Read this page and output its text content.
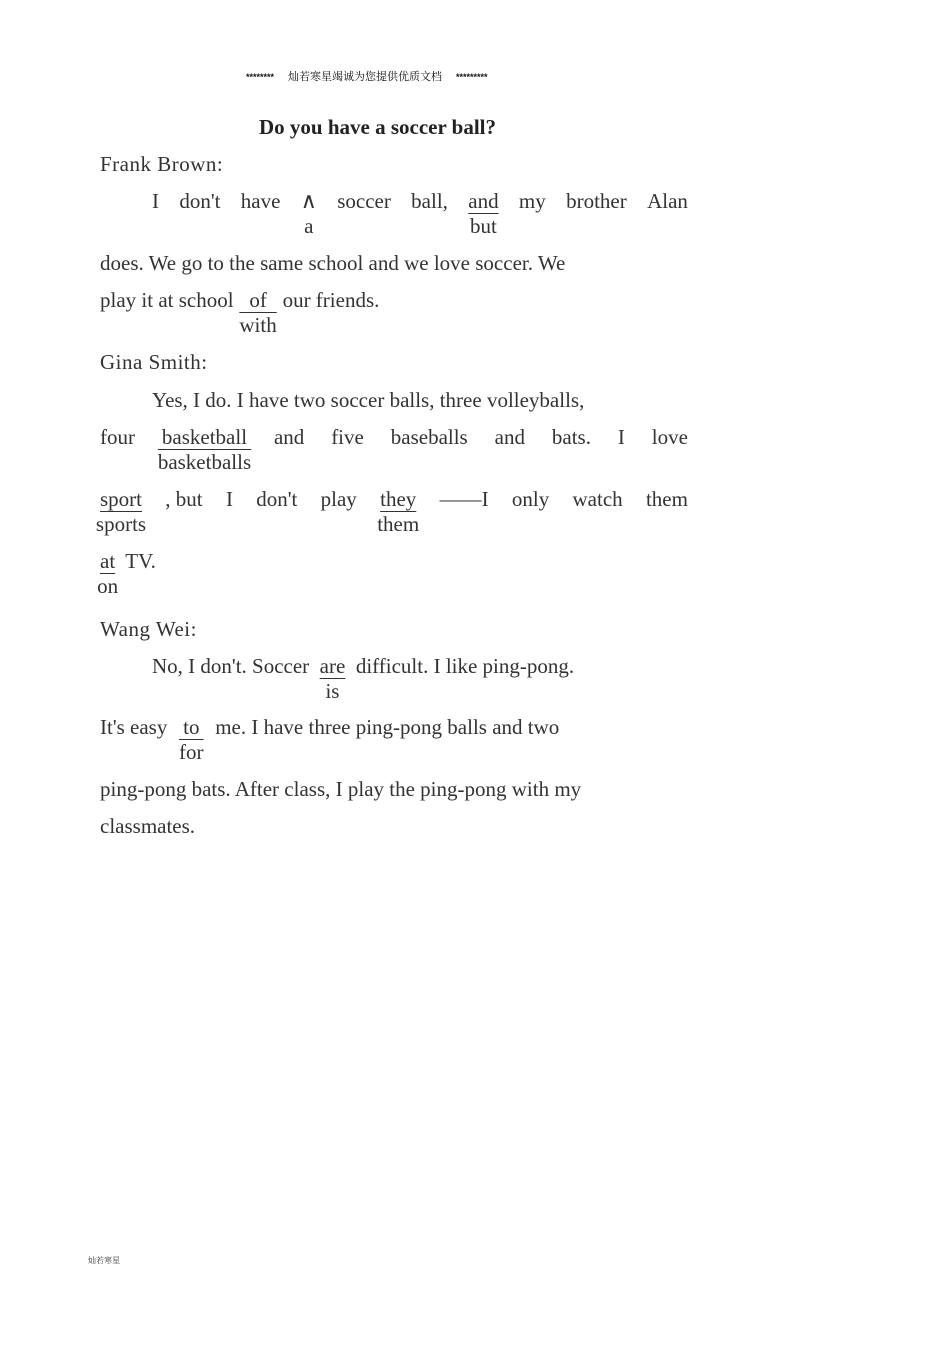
******** 灿若寒星竭诚为您提供优质文档 *********
Do you have a soccer ball?
Frank Brown:
I don't have ∧
a
soccer ball, and
$\overline{but}$
my brother Alan
does. We go to the same school and we love soccer. We
play it at school of
with
our friends.
Gina Smith:
Yes, I do. I have two soccer balls, three volleyballs,
four basketball
basketballs
and five baseballs and bats. I love
sport
sports
, but I don't play they
them
——I only watch them
$\frac{at}{on}$ TV.
Wang Wei:
No, I don't. Soccer are
$\overline{is}$
difficult. I like ping-pong.
It's easy to
$\overline{for}$
me. I have three ping-pong balls and two
ping-pong bats. After class, I play the ping-pong with my
classmates.
灿若寒星
